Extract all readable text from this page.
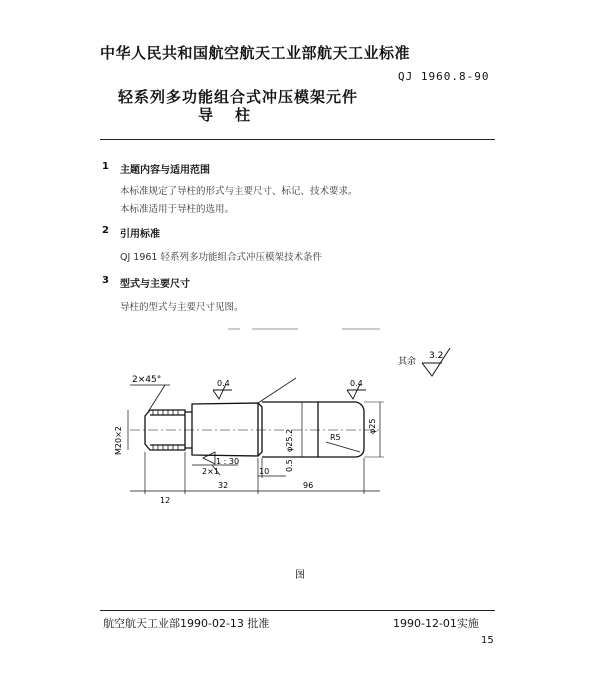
中华人民共和国航空航天工业部航天工业标准
QJ 1960.8-90
轻系列多功能组合式冲压模架元件
导柱
1 主题内容与适用范围
本标准规定了导柱的形式与主要尺寸、标记、技术要求。
本标准适用于导柱的选用。
2 引用标准
QJ 1961 轻系列多功能组合式冲压模架技术条件
3 型式与主要尺寸
导柱的型式与主要尺寸见图。
其余
3.2
2×45°	0.4	0.4
M20×2	φ25.2
φ25
R5
1 : 30
2×1	0.5
10
12
32	96
图
航空航天工业部1990-02-13 批准	1990-12-01实施
15
